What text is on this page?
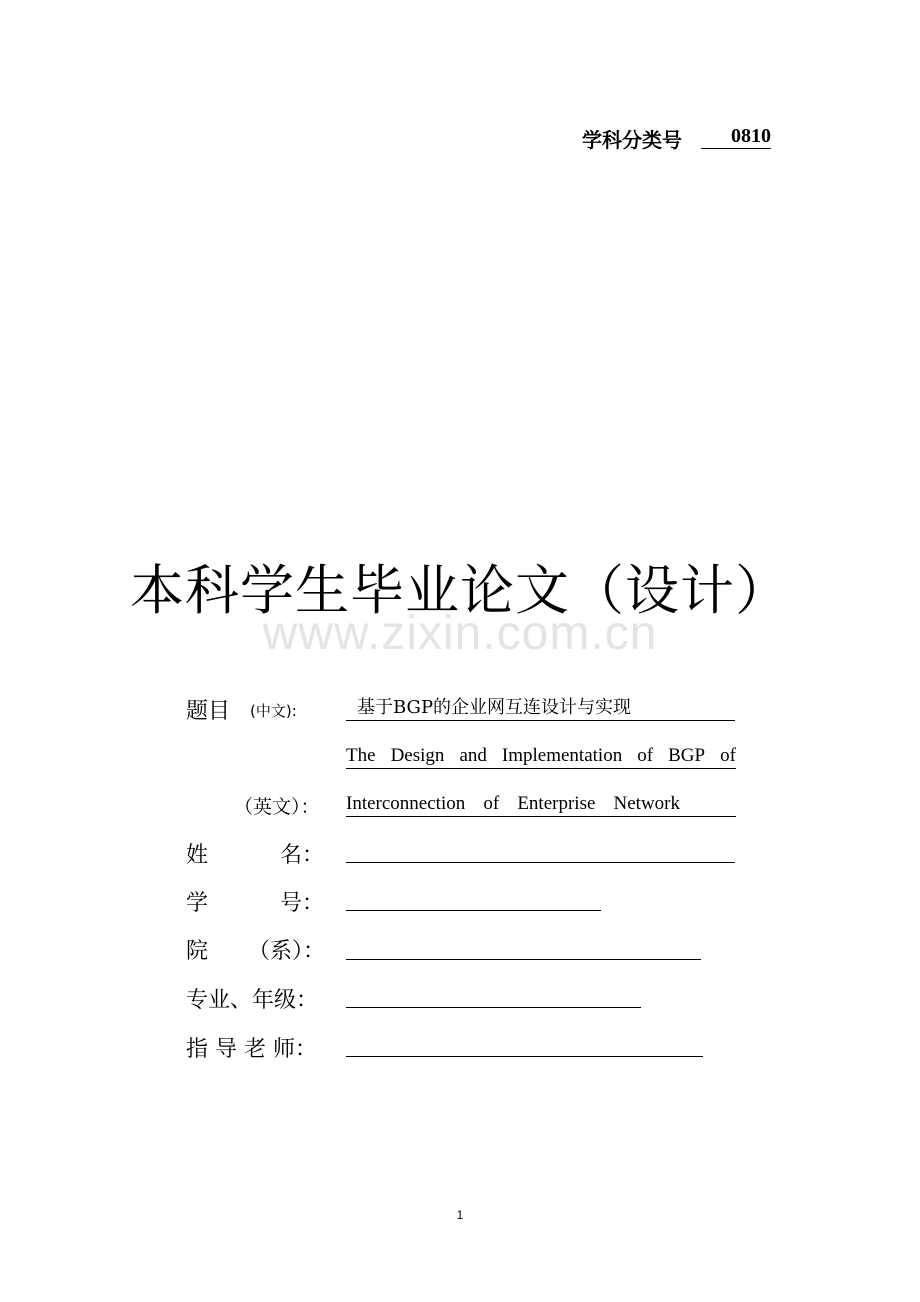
学科分类号	0810
本科学生毕业论文（设计）
www.zixin.com.cn
题目 (中文):	基于BGP的企业网互连设计与实现
The Design and Implementation of BGP of
（英文）： Interconnection of Enterprise Network
姓	名：
学	号：
院 （系）：
专业、年级：
指 导 老 师：
1
